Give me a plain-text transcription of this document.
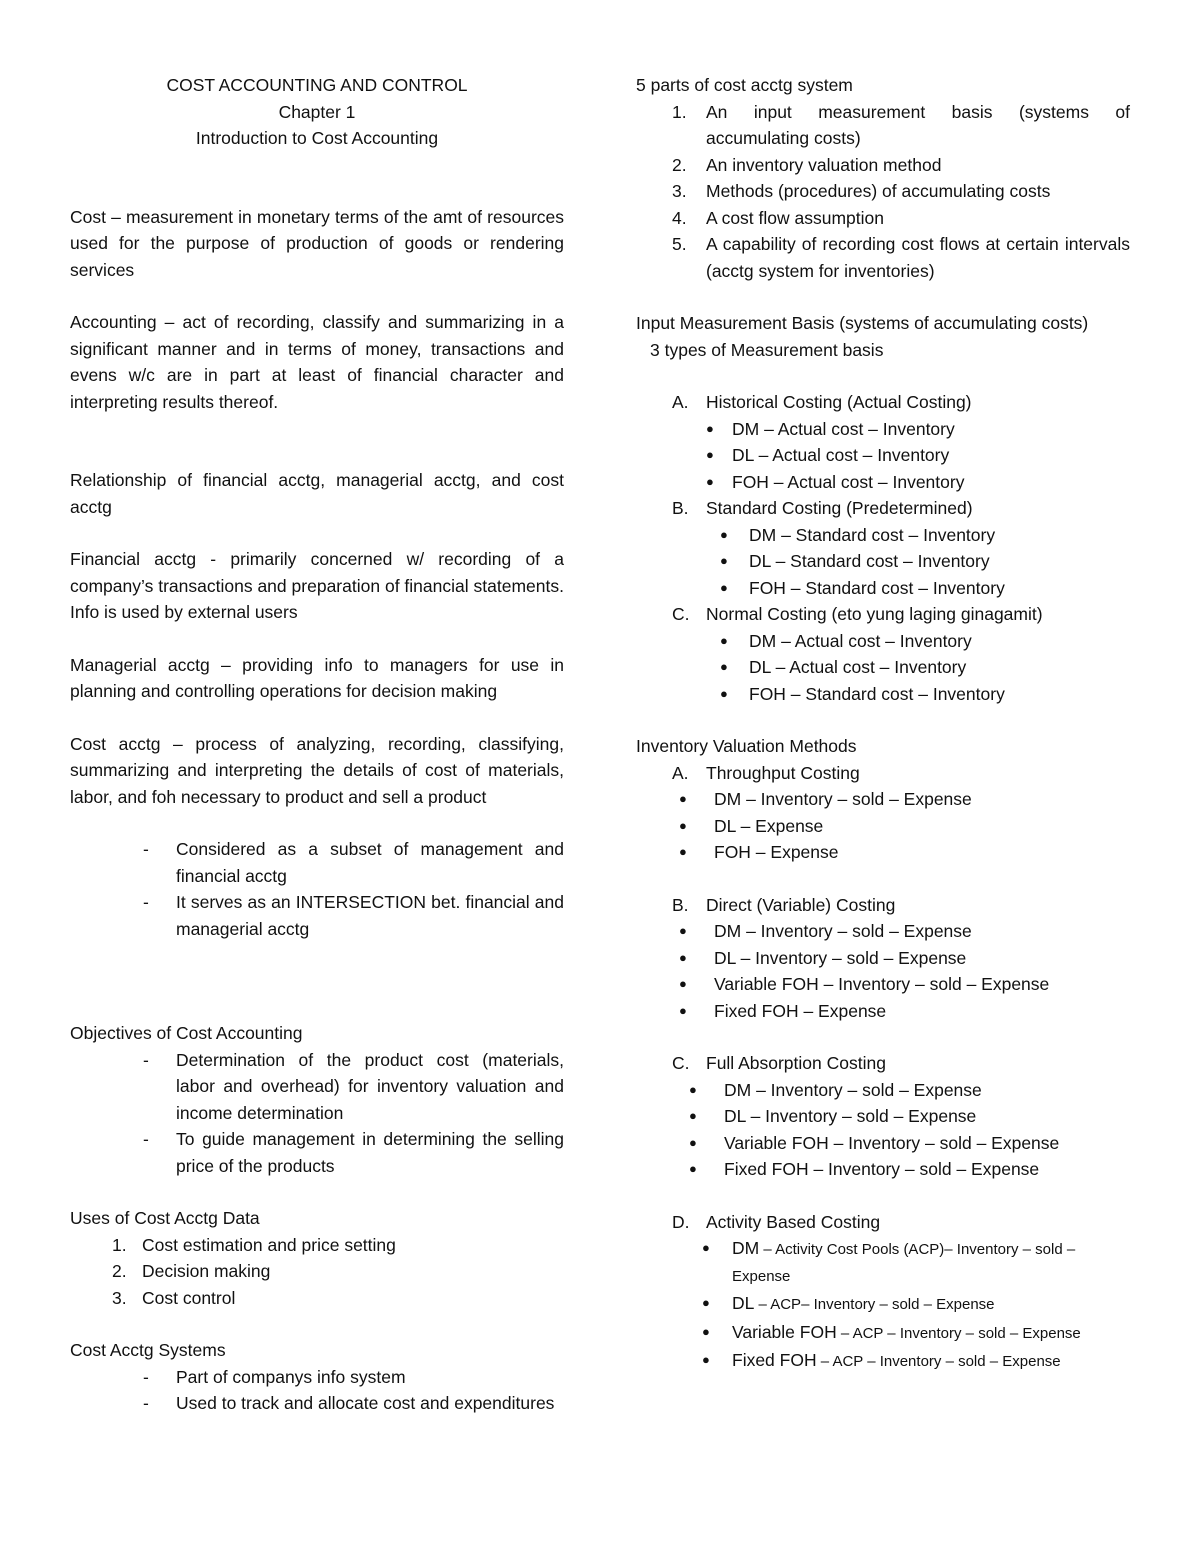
COST ACCOUNTING AND CONTROL
Chapter 1
Introduction to Cost Accounting
Cost – measurement in monetary terms of the amt of resources used for the purpose of production of goods or rendering services
Accounting – act of recording, classify and summarizing in a significant manner and in terms of money, transactions and evens w/c are in part at least of financial character and interpreting results thereof.
Relationship of financial acctg, managerial acctg, and cost acctg
Financial acctg - primarily concerned w/ recording of a company’s transactions and preparation of financial statements. Info is used by external users
Managerial acctg – providing info to managers for use in planning and controlling operations for decision making
Cost acctg – process of analyzing, recording, classifying, summarizing and interpreting the details of cost of materials, labor, and foh necessary to product and sell a product
- Considered as a subset of management and financial acctg
- It serves as an INTERSECTION bet. financial and managerial acctg
Objectives of Cost Accounting
- Determination of the product cost (materials, labor and overhead) for inventory valuation and income determination
- To guide management in determining the selling price of the products
Uses of Cost Acctg Data
1. Cost estimation and price setting
2. Decision making
3. Cost control
Cost Acctg Systems
- Part of companys info system
- Used to track and allocate cost and expenditures
5 parts of cost acctg system
1. An input measurement basis (systems of accumulating costs)
2. An inventory valuation method
3. Methods (procedures) of accumulating costs
4. A cost flow assumption
5. A capability of recording cost flows at certain intervals (acctg system for inventories)
Input Measurement Basis (systems of accumulating costs)
3 types of Measurement basis
A. Historical Costing (Actual Costing)
● DM – Actual cost – Inventory
● DL – Actual cost – Inventory
● FOH – Actual cost – Inventory
B. Standard Costing (Predetermined)
● DM – Standard cost – Inventory
● DL – Standard cost – Inventory
● FOH – Standard cost – Inventory
C. Normal Costing (eto yung laging ginagamit)
● DM – Actual cost – Inventory
● DL – Actual cost – Inventory
● FOH – Standard cost – Inventory
Inventory Valuation Methods
A. Throughput Costing
● DM – Inventory – sold – Expense
● DL – Expense
● FOH – Expense
B. Direct (Variable) Costing
● DM – Inventory – sold – Expense
● DL – Inventory – sold – Expense
● Variable FOH – Inventory – sold – Expense
● Fixed FOH – Expense
C. Full Absorption Costing
● DM – Inventory – sold – Expense
● DL – Inventory – sold – Expense
● Variable FOH – Inventory – sold – Expense
● Fixed FOH – Inventory – sold – Expense
D. Activity Based Costing
● DM – Activity Cost Pools (ACP)– Inventory – sold – Expense
● DL – ACP– Inventory – sold – Expense
● Variable FOH – ACP – Inventory – sold – Expense
● Fixed FOH – ACP – Inventory – sold – Expense
